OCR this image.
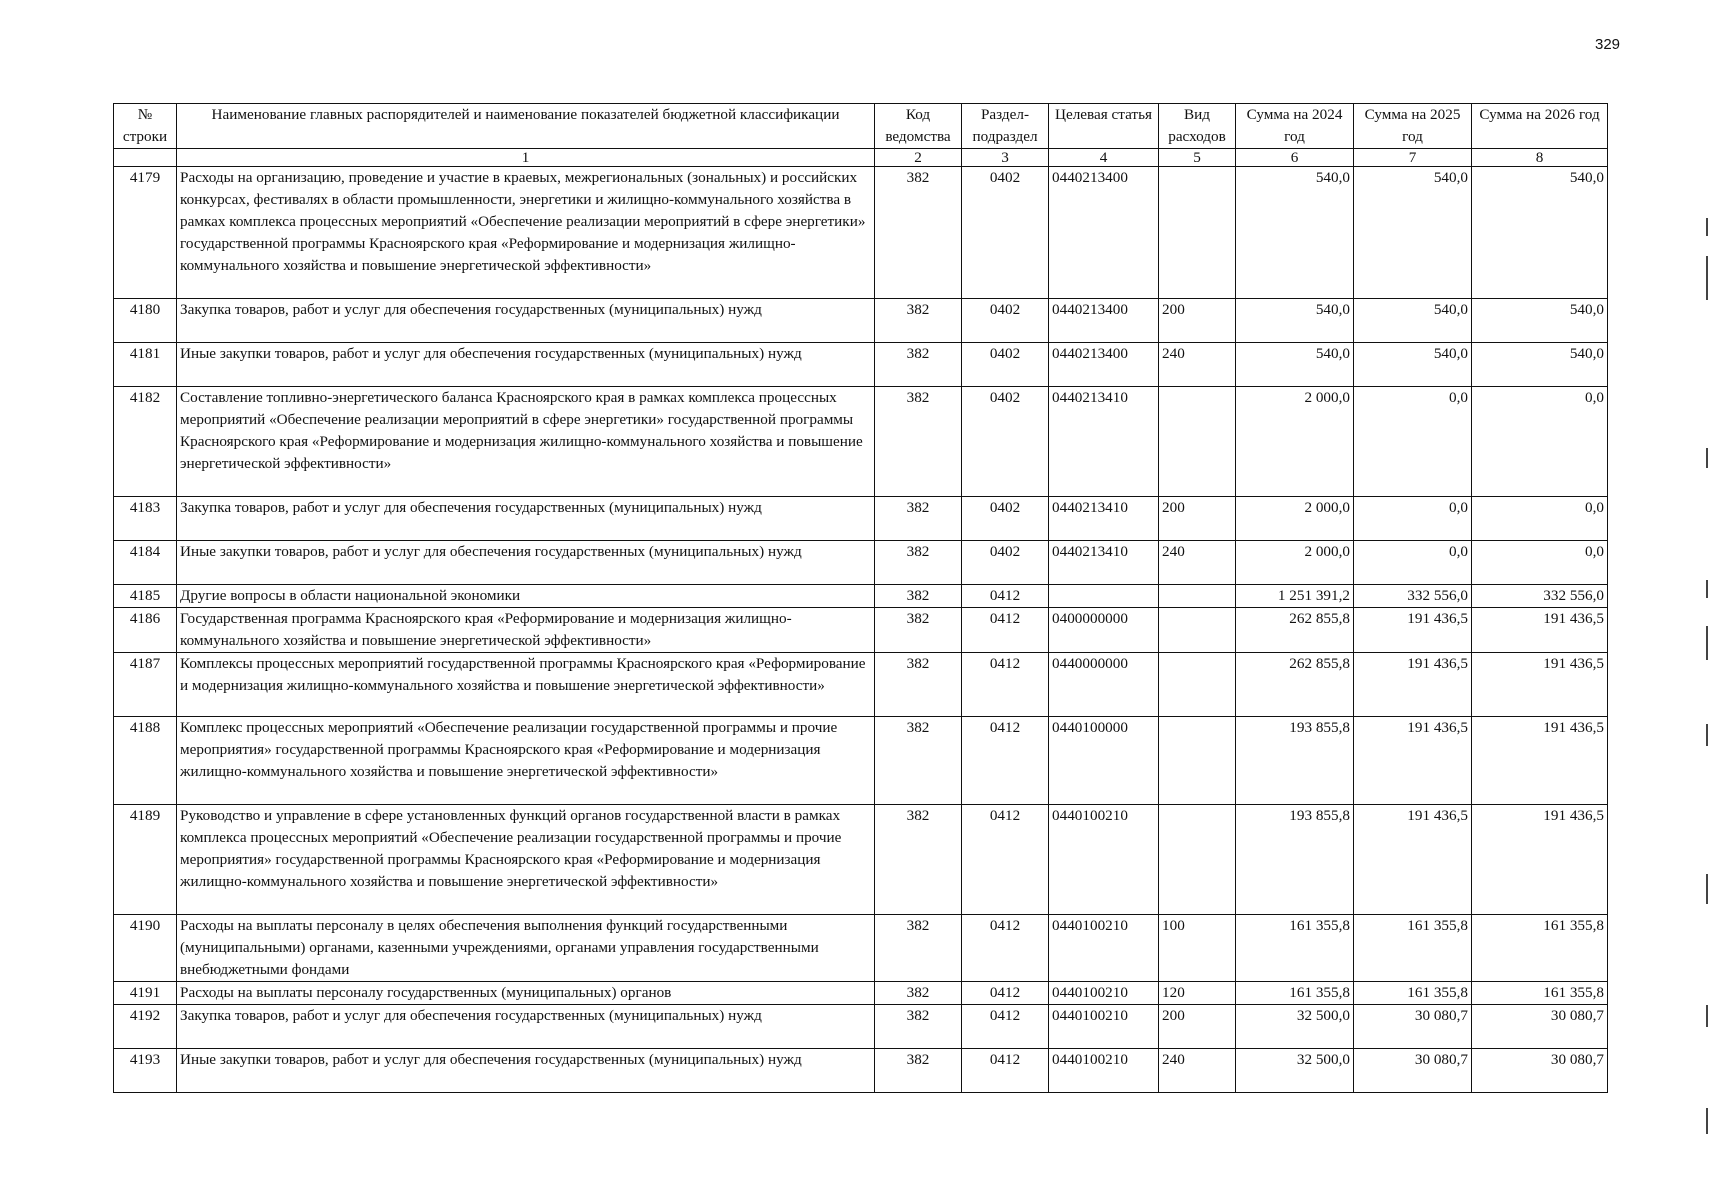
329
№ строки	Наименование главных распорядителей и наименование показателей бюджетной классификации	Код ведомства	Раздел-подраздел	Целевая статья	Вид расходов	Сумма на 2024 год	Сумма на 2025 год	Сумма на 2026 год
	1	2	3	4	5	6	7	8
4179	Расходы на организацию, проведение и участие в краевых, межрегиональных (зональных) и российских конкурсах, фестивалях в области промышленности, энергетики и жилищно-коммунального хозяйства в рамках комплекса процессных мероприятий «Обеспечение реализации мероприятий в сфере энергетики» государственной программы Красноярского края «Реформирование и модернизация жилищно-коммунального хозяйства и повышение энергетической эффективности»	382	0402	0440213400		540,0	540,0	540,0
4180	Закупка товаров, работ и услуг для обеспечения государственных (муниципальных) нужд	382	0402	0440213400	200	540,0	540,0	540,0
4181	Иные закупки товаров, работ и услуг для обеспечения государственных (муниципальных) нужд	382	0402	0440213400	240	540,0	540,0	540,0
4182	Составление топливно-энергетического баланса Красноярского края в рамках комплекса процессных мероприятий «Обеспечение реализации мероприятий в сфере энергетики» государственной программы Красноярского края «Реформирование и модернизация жилищно-коммунального хозяйства и повышение энергетической эффективности»	382	0402	0440213410		2 000,0	0,0	0,0
4183	Закупка товаров, работ и услуг для обеспечения государственных (муниципальных) нужд	382	0402	0440213410	200	2 000,0	0,0	0,0
4184	Иные закупки товаров, работ и услуг для обеспечения государственных (муниципальных) нужд	382	0402	0440213410	240	2 000,0	0,0	0,0
4185	Другие вопросы в области национальной экономики	382	0412			1 251 391,2	332 556,0	332 556,0
4186	Государственная программа Красноярского края «Реформирование и модернизация жилищно-коммунального хозяйства и повышение энергетической эффективности»	382	0412	0400000000		262 855,8	191 436,5	191 436,5
4187	Комплексы процессных мероприятий государственной программы Красноярского края «Реформирование и модернизация жилищно-коммунального хозяйства и повышение энергетической эффективности»	382	0412	0440000000		262 855,8	191 436,5	191 436,5
4188	Комплекс процессных мероприятий «Обеспечение реализации государственной программы и прочие мероприятия» государственной программы Красноярского края «Реформирование и модернизация жилищно-коммунального хозяйства и повышение энергетической эффективности»	382	0412	0440100000		193 855,8	191 436,5	191 436,5
4189	Руководство и управление в сфере установленных функций органов государственной власти в рамках комплекса процессных мероприятий «Обеспечение реализации государственной программы и прочие мероприятия» государственной программы Красноярского края «Реформирование и модернизация жилищно-коммунального хозяйства и повышение энергетической эффективности»	382	0412	0440100210		193 855,8	191 436,5	191 436,5
4190	Расходы на выплаты персоналу в целях обеспечения выполнения функций государственными (муниципальными) органами, казенными учреждениями, органами управления государственными внебюджетными фондами	382	0412	0440100210	100	161 355,8	161 355,8	161 355,8
4191	Расходы на выплаты персоналу государственных (муниципальных) органов	382	0412	0440100210	120	161 355,8	161 355,8	161 355,8
4192	Закупка товаров, работ и услуг для обеспечения государственных (муниципальных) нужд	382	0412	0440100210	200	32 500,0	30 080,7	30 080,7
4193	Иные закупки товаров, работ и услуг для обеспечения государственных (муниципальных) нужд	382	0412	0440100210	240	32 500,0	30 080,7	30 080,7
